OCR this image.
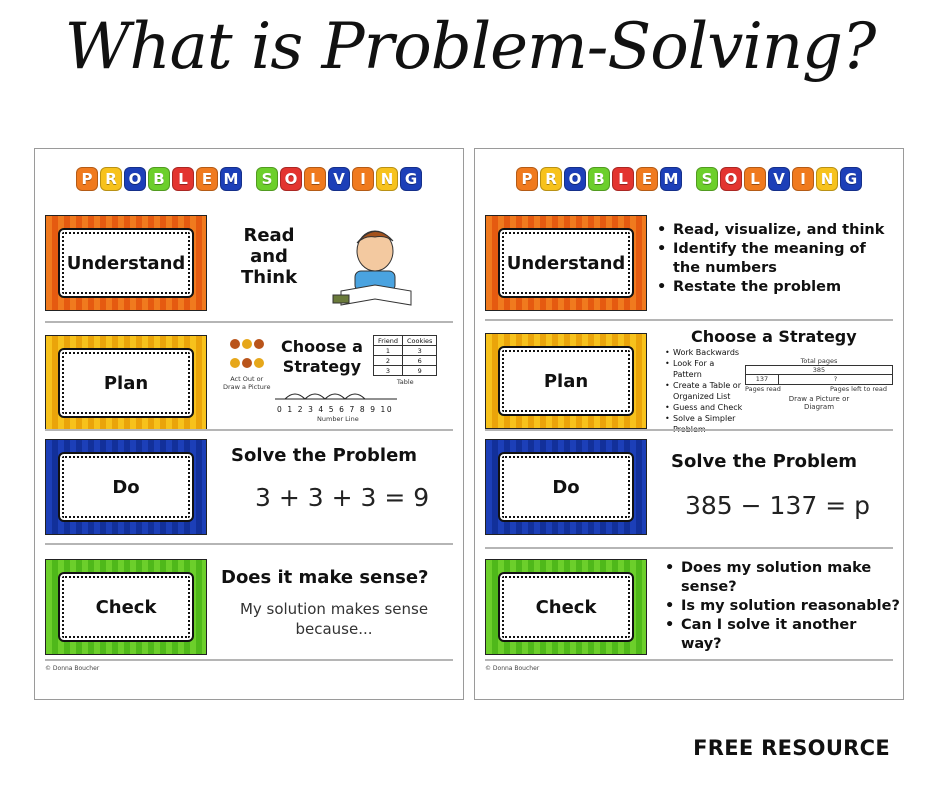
What is Problem-Solving?
P R O B L E M	S O L V	I N G
Understand
Read
and
Think
Plan	Act Out or
Draw a Picture
Choose a
Strategy
Friend	Cookies
1	3
2	6
3	9
Table
0 1 2 3 4 5 6 7 8 9 10
Number Line
Do
Solve the Problem
3 + 3 + 3 = 9
Check
Does it make sense?
My solution makes sense
because...
© Donna Boucher
P R O B L E M	S O L V	I N G
Understand
• Read, visualize, and think
• Identify the meaning of
the numbers
• Restate the problem
Plan
Choose a Strategy
• Work Backwards
• Look For a Pattern
• Create a Table or
Organized List
• Guess and Check
• Solve a Simpler

Total pages
385
137	?
Pages read	Pages left to read
Draw a Picture or
Diagram
Do
Solve the Problem
385 − 137 = p
Check
• Does my solution make
sense?
• Is my solution reasonable?
• Can I solve it another
way?
© Donna Boucher
FREE RESOURCE
